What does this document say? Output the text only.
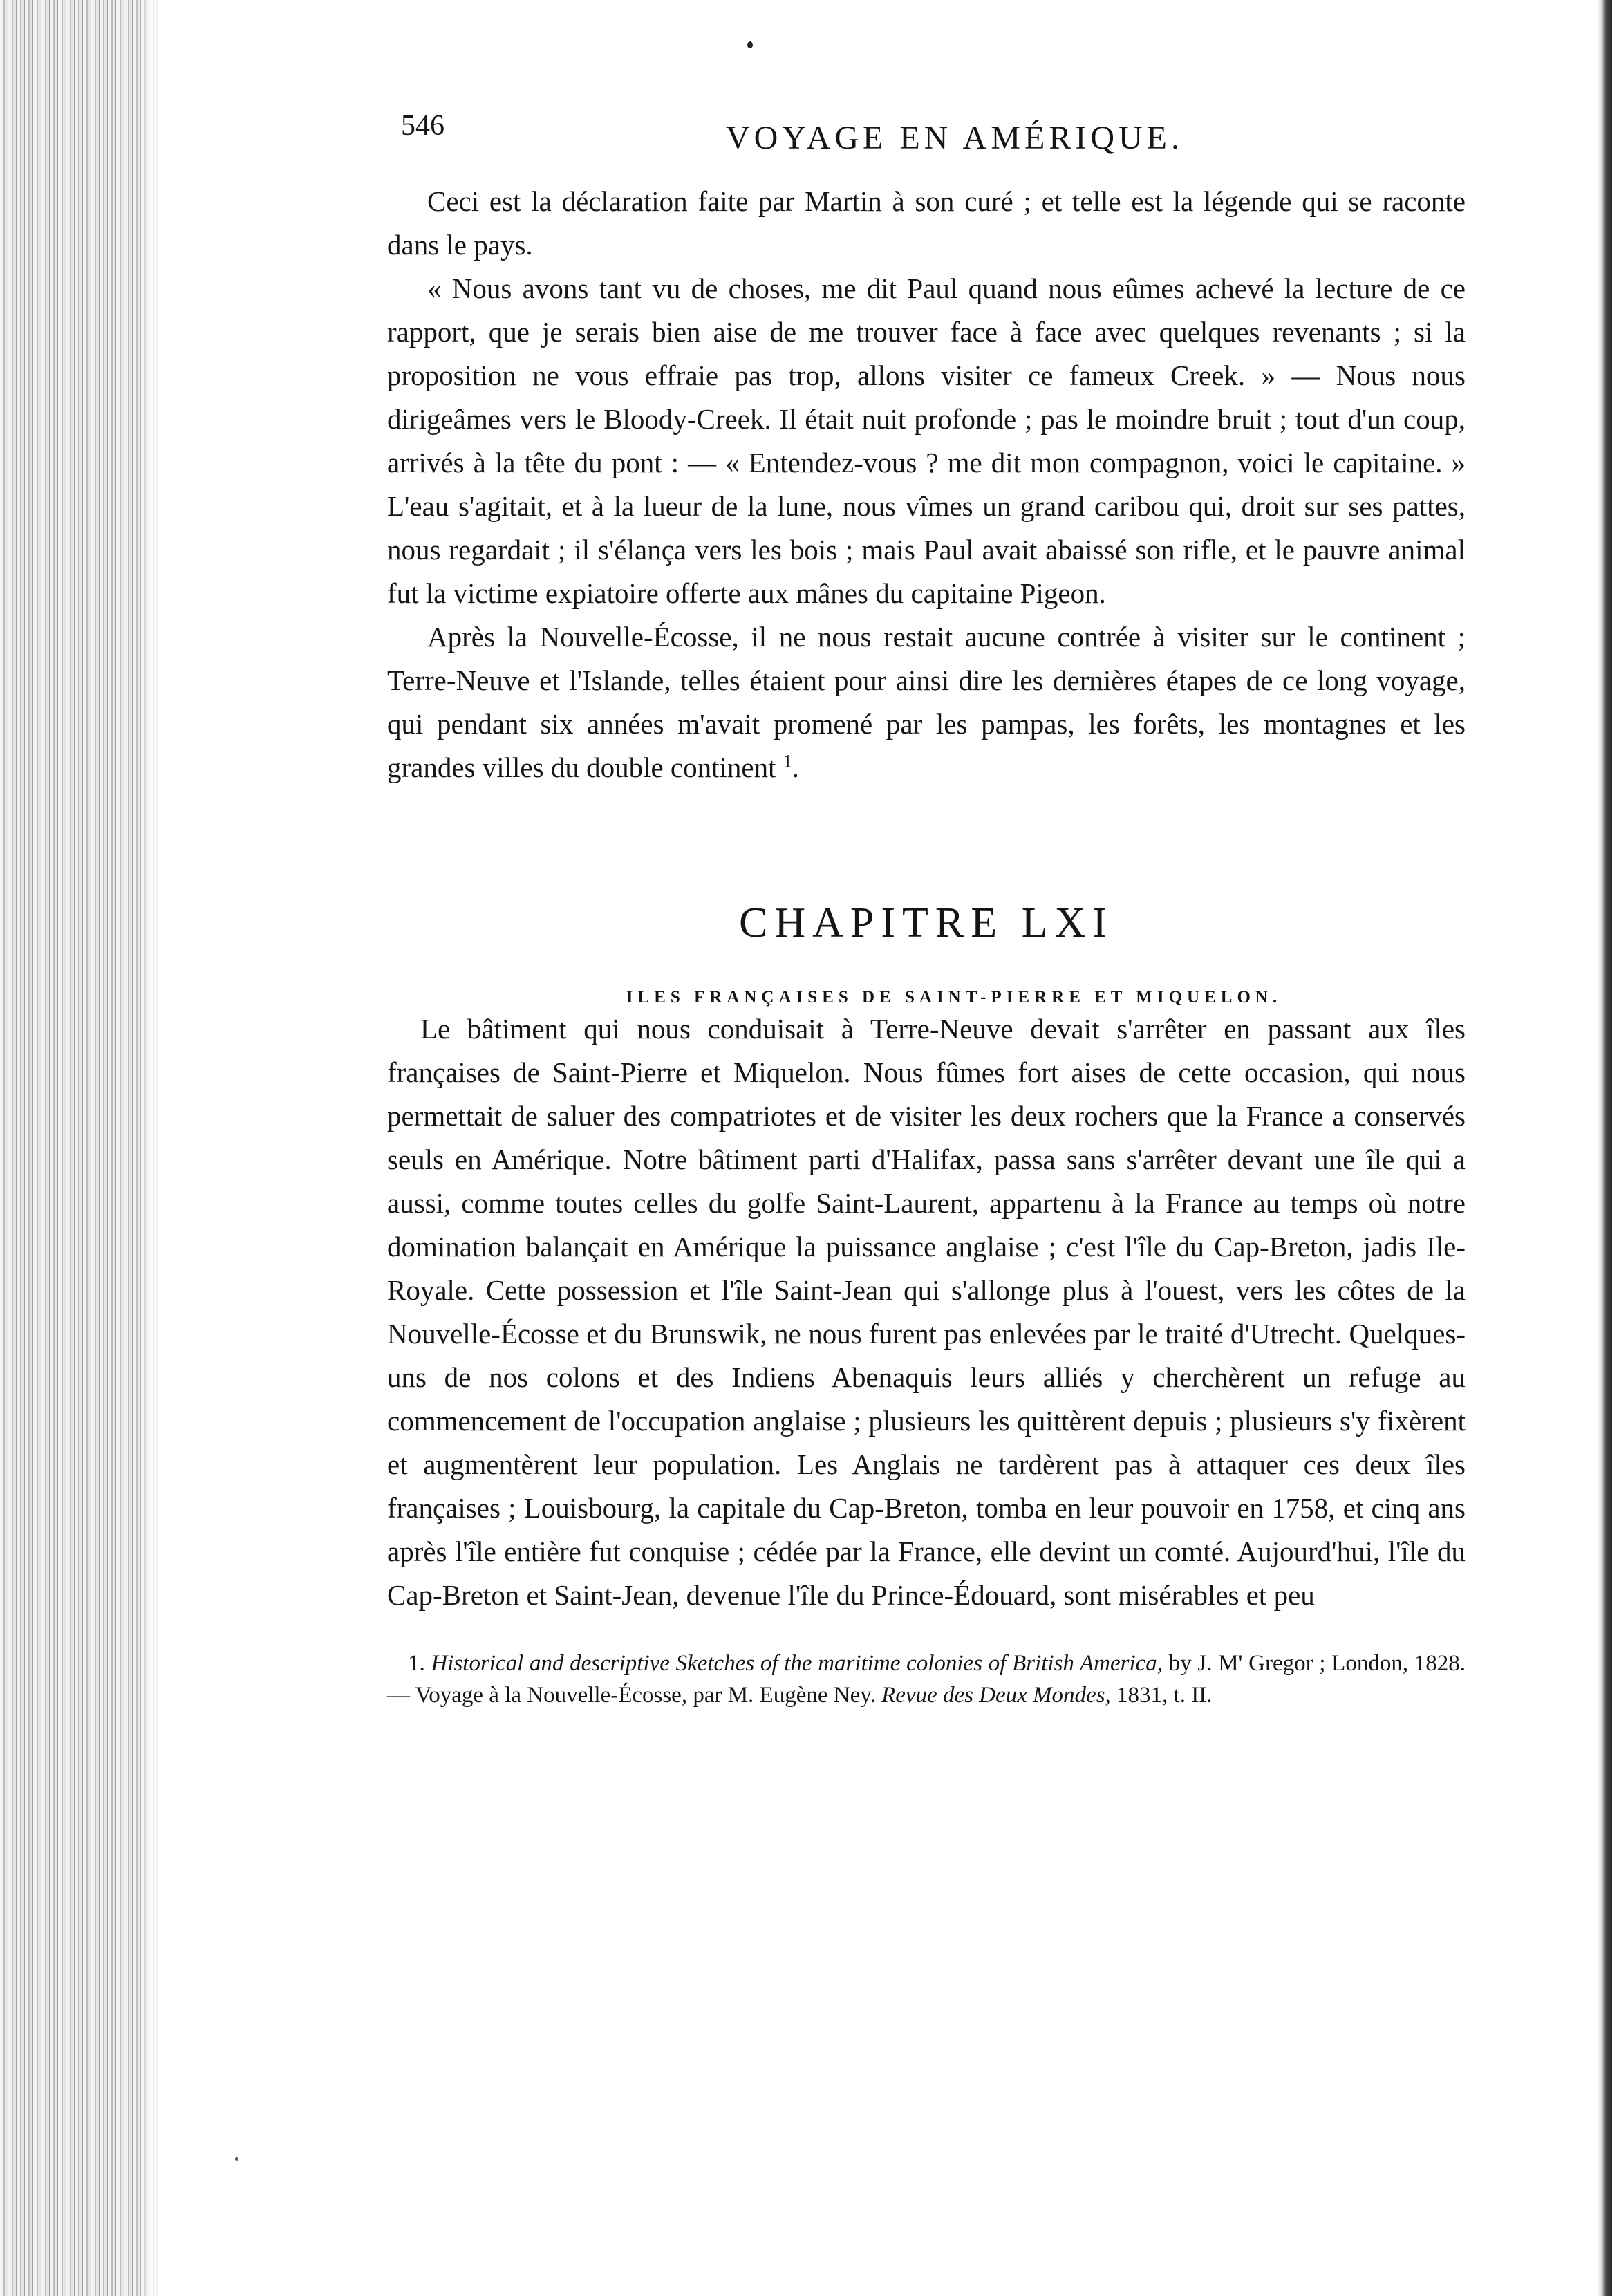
546	VOYAGE EN AMÉRIQUE.

Ceci est la déclaration faite par Martin à son curé ; et telle est la légende qui se raconte dans le pays.

« Nous avons tant vu de choses, me dit Paul quand nous eûmes achevé la lecture de ce rapport, que je serais bien aise de me trouver face à face avec quelques revenants ; si la proposition ne vous effraie pas trop, allons visiter ce fameux Creek. » — Nous nous dirigeâmes vers le Bloody-Creek. Il était nuit profonde ; pas le moindre bruit ; tout d'un coup, arrivés à la tête du pont : — « Entendez-vous ? me dit mon compagnon, voici le capitaine. » L'eau s'agitait, et à la lueur de la lune, nous vîmes un grand caribou qui, droit sur ses pattes, nous regardait ; il s'élança vers les bois ; mais Paul avait abaissé son rifle, et le pauvre animal fut la victime expiatoire offerte aux mânes du capitaine Pigeon.

Après la Nouvelle-Écosse, il ne nous restait aucune contrée à visiter sur le continent ; Terre-Neuve et l'Islande, telles étaient pour ainsi dire les dernières étapes de ce long voyage, qui pendant six années m'avait promené par les pampas, les forêts, les montagnes et les grandes villes du double continent $^1$.

CHAPITRE LXI
ILES FRANÇAISES DE SAINT-PIERRE ET MIQUELON.

Le bâtiment qui nous conduisait à Terre-Neuve devait s'arrêter en passant aux îles françaises de Saint-Pierre et Miquelon. Nous fûmes fort aises de cette occasion, qui nous permettait de saluer des compatriotes et de visiter les deux rochers que la France a conservés seuls en Amérique. Notre bâtiment parti d'Halifax, passa sans s'arrêter devant une île qui a aussi, comme toutes celles du golfe Saint-Laurent, appartenu à la France au temps où notre domination balançait en Amérique la puissance anglaise ; c'est l'île du Cap-Breton, jadis Ile-Royale. Cette possession et l'île Saint-Jean qui s'allonge plus à l'ouest, vers les côtes de la Nouvelle-Écosse et du Brunswik, ne nous furent pas enlevées par le traité d'Utrecht. Quelques-uns de nos colons et des Indiens Abenaquis leurs alliés y cherchèrent un refuge au commencement de l'occupation anglaise ; plusieurs les quittèrent depuis ; plusieurs s'y fixèrent et augmentèrent leur population. Les Anglais ne tardèrent pas à attaquer ces deux îles françaises ; Louisbourg, la capitale du Cap-Breton, tomba en leur pouvoir en 1758, et cinq ans après l'île entière fut conquise ; cédée par la France, elle devint un comté. Aujourd'hui, l'île du Cap-Breton et Saint-Jean, devenue l'île du Prince-Édouard, sont misérables et peu

1. Historical and descriptive Sketches of the maritime colonies of British America, by J. M' Gregor ; London, 1828. — Voyage à la Nouvelle-Écosse, par M. Eugène Ney. Revue des Deux Mondes, 1831, t. II.
